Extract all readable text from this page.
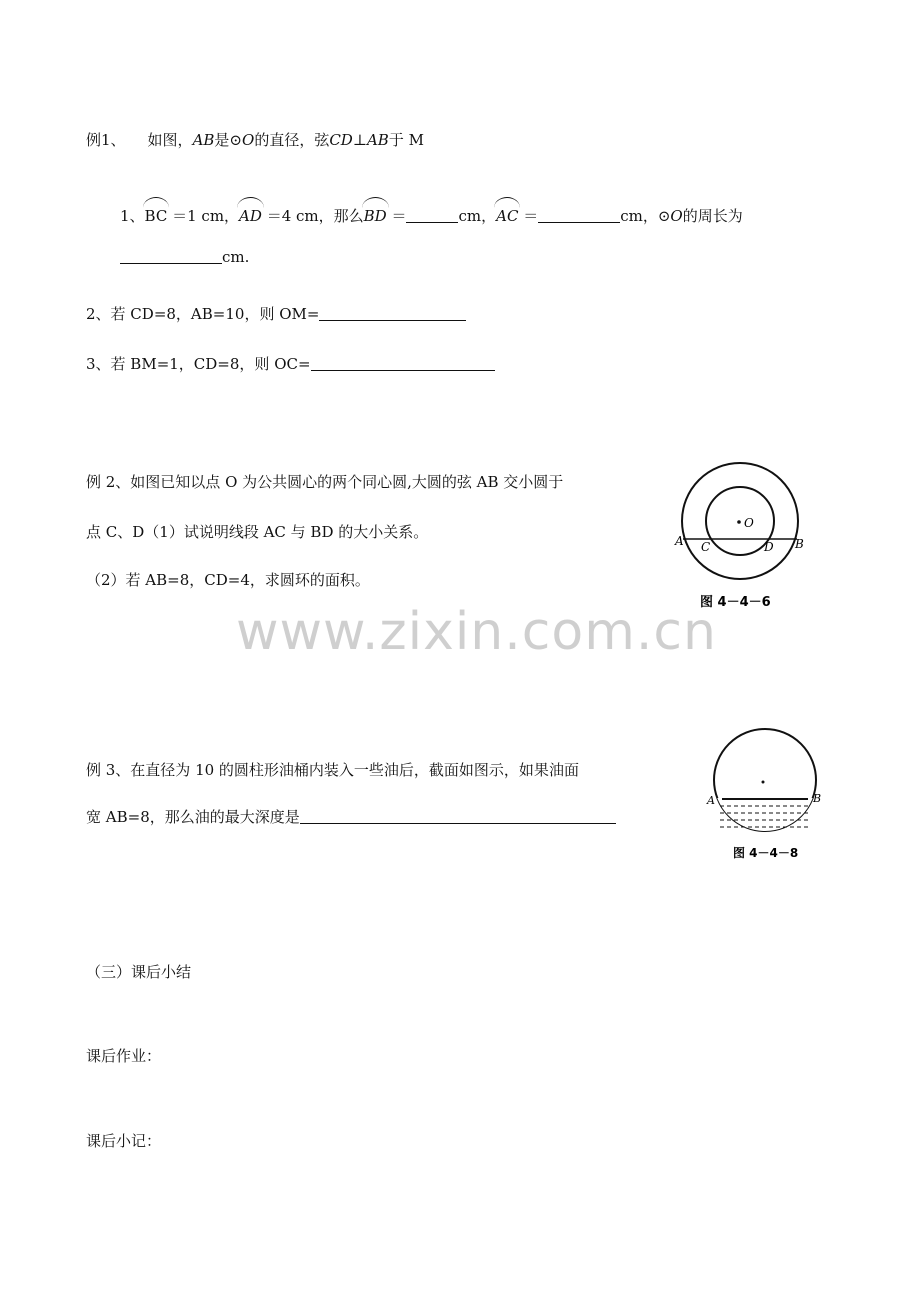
例1、 如图，AB是⊙O的直径，弦CD⊥AB于 M
1、BC ＝1 cm，AD ＝4 cm，那么BD ＝	cm，AC ＝	cm，⊙O的周长为
cm.
2、若 CD=8，AB=10，则 OM=
3、若 BM=1，CD=8，则 OC=
例 2、如图已知以点 O 为公共圆心的两个同心圆,大圆的弦 AB 交小圆于
点 C、D（1）试说明线段 AC 与 BD 的大小关系。
（2）若 AB=8，CD=4，求圆环的面积。
O
A C	D B
图 4－4－6
www.zixin.com.cn
例 3、在直径为 10 的圆柱形油桶内装入一些油后，截面如图示，如果油面
宽 AB=8，那么油的最大深度是
A	B
图 4－4－8
（三）课后小结
课后作业：
课后小记：
